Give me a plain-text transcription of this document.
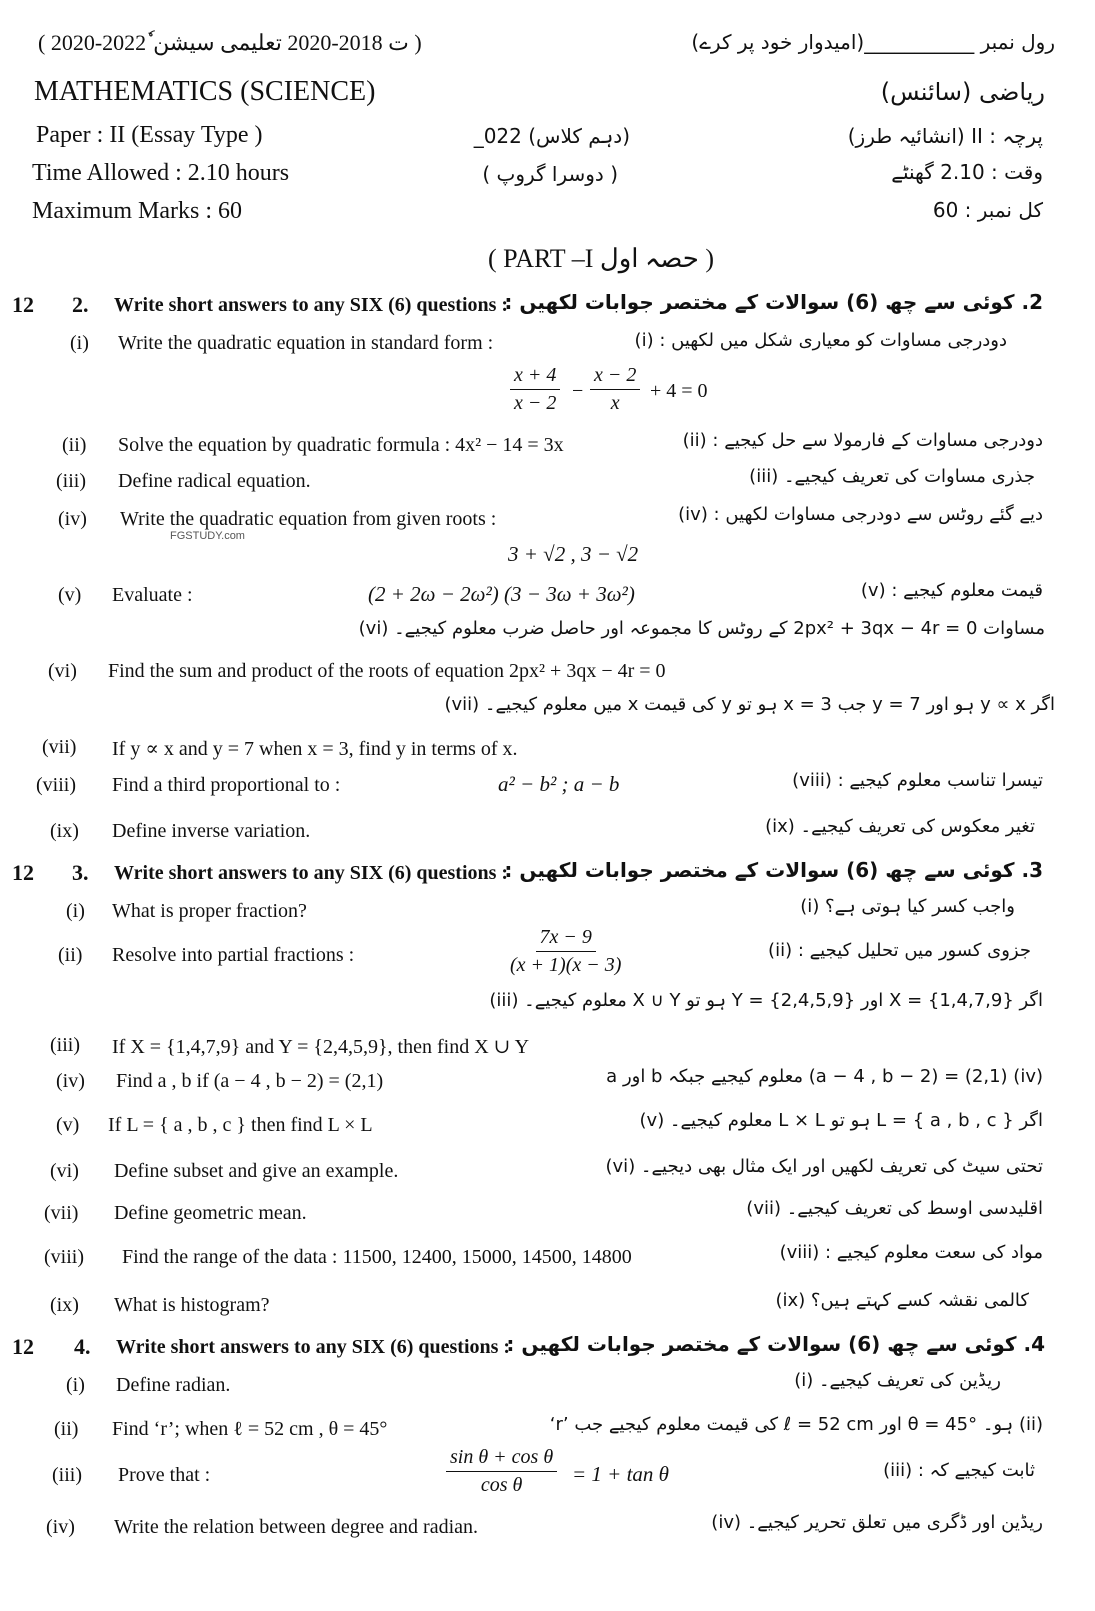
( 2020-2022 ٗت 2018-2020 تعلیمی سیشن )	رول نمبر ___________(امیدوار خود پر کرے)
MATHEMATICS (SCIENCE)	ریاضی (سائنس)
Paper : II (Essay Type )	(دہم کلاس) 022_	پرچہ : II (انشائیہ طرز)
Time Allowed : 2.10 hours	( دوسرا گروپ )	وقت : 2.10 گھنٹے
Maximum Marks : 60	کل نمبر : 60
( PART –I حصہ اول )
12 2. Write short answers to any SIX (6) questions :
2. کوئی سے چھ (6) سوالات کے مختصر جوابات لکھیں :
(i) Write the quadratic equation in standard form :	دودرجی مساوات کو معیاری شکل میں لکھیں : (i)
$\frac{x + 4}{x - 2} - \frac{x - 2}{x} + 4 = 0$
(ii) Solve the equation by quadratic formula : 4x² − 14 = 3x	دودرجی مساوات کے فارمولا سے حل کیجیے : (ii)
(iii) Define radical equation.	جذری مساوات کی تعریف کیجیے۔ (iii)
(iv) Write the quadratic equation from given roots :	دیے گئے روٹس سے دودرجی مساوات لکھیں : (iv)
FGSTUDY.com
3 + √2 , 3 − √2
(v) Evaluate :	(2 + 2ω − 2ω²) (3 − 3ω + 3ω²)	قیمت معلوم کیجیے : (v)
مساوات 2px² + 3qx − 4r = 0 کے روٹس کا مجموعہ اور حاصل ضرب معلوم کیجیے۔ (vi)
(vi) Find the sum and product of the roots of equation 2px² + 3qx − 4r = 0
اگر y ∝ x ہو اور y = 7 جب x = 3 ہو تو y کی قیمت x میں معلوم کیجیے۔ (vii)
(vii) If y ∝ x and y = 7 when x = 3, find y in terms of x.
(viii) Find a third proportional to :	a² − b² ; a − b	تیسرا تناسب معلوم کیجیے : (viii)
(ix) Define inverse variation.	تغیر معکوس کی تعریف کیجیے۔ (ix)
12 3. Write short answers to any SIX (6) questions :
3. کوئی سے چھ (6) سوالات کے مختصر جوابات لکھیں :
(i) What is proper fraction?	واجب کسر کیا ہوتی ہے؟ (i)
(ii) Resolve into partial fractions :	$\frac{7x - 9}{(x + 1)(x - 3)}$	جزوی کسور میں تحلیل کیجیے : (ii)
اگر X = {1,4,7,9} اور Y = {2,4,5,9} ہو تو X ∪ Y معلوم کیجیے۔ (iii)
(iii) If X = {1,4,7,9} and Y = {2,4,5,9}, then find X ∪ Y
(iv) Find a , b if (a − 4 , b − 2) = (2,1)	a اور b معلوم کیجیے جبکہ (a − 4 , b − 2) = (2,1) (iv)
(v) If L = { a , b , c } then find L × L	اگر L = { a , b , c } ہو تو L × L معلوم کیجیے۔ (v)
(vi) Define subset and give an example.	تحتی سیٹ کی تعریف لکھیں اور ایک مثال بھی دیجیے۔ (vi)
(vii) Define geometric mean.	اقلیدسی اوسط کی تعریف کیجیے۔ (vii)
(viii) Find the range of the data : 11500, 12400, 15000, 14500, 14800	مواد کی سعت معلوم کیجیے : (viii)
(ix) What is histogram?	کالمی نقشہ کسے کہتے ہیں؟ (ix)
12 4. Write short answers to any SIX (6) questions :
4. کوئی سے چھ (6) سوالات کے مختصر جوابات لکھیں :
(i) Define radian.	ریڈین کی تعریف کیجیے۔ (i)
(ii) Find ‘r’; when ℓ = 52 cm , θ = 45°	‘r’ کی قیمت معلوم کیجیے جب ℓ = 52 cm اور θ = 45° ہو۔ (ii)
(iii) Prove that :	$\frac{\text{sin θ + cos θ}}{\text{cos θ}} = 1 + \tan \theta$	ثابت کیجیے کہ : (iii)
(iv) Write the relation between degree and radian.	ریڈین اور ڈگری میں تعلق تحریر کیجیے۔ (iv)
